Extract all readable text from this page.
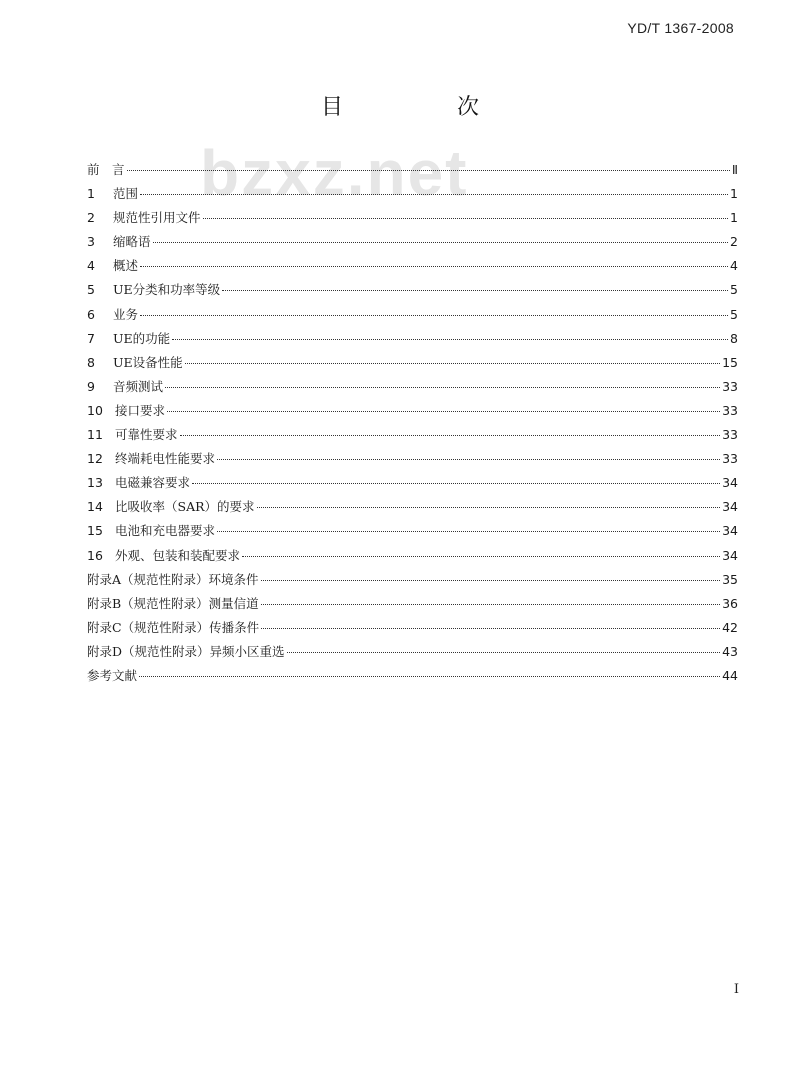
YD/T 1367-2008
bzxz.net
目　次
前　言	Ⅱ
1	范围	1
2	规范性引用文件	1
3	缩略语	2
4	概述	4
5	UE分类和功率等级	5
6	业务	5
7	UE的功能	8
8	UE设备性能	15
9	音频测试	33
10 接口要求	33
11 可靠性要求	33
12 终端耗电性能要求	33
13 电磁兼容要求	34
14 比吸收率（SAR）的要求	34
15 电池和充电器要求	34
16 外观、包装和装配要求	34
附录A（规范性附录）环境条件	35
附录B（规范性附录）测量信道	36
附录C（规范性附录）传播条件	42
附录D（规范性附录）异频小区重选	43
参考文献	44
I
